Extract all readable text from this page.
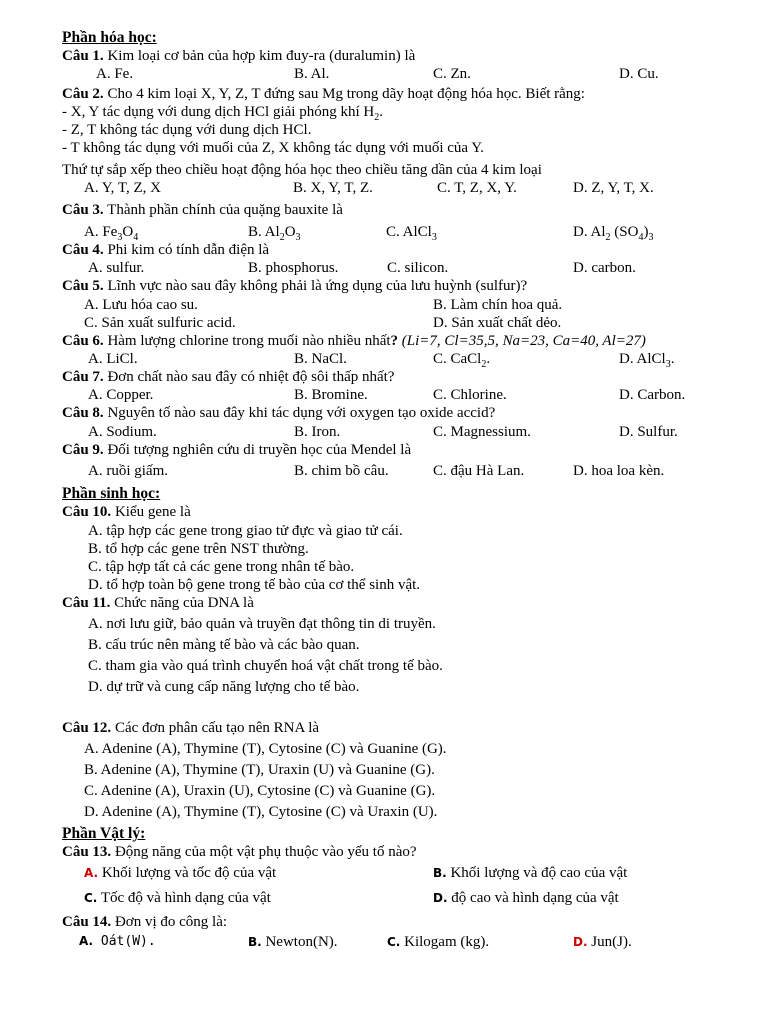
Phần hóa học:
Câu 1. Kim loại cơ bản của hợp kim đuy-ra (duralumin) là
A. Fe.	B. Al.	C. Zn.	D. Cu.
Câu 2. Cho 4 kim loại X, Y, Z, T đứng sau Mg trong dãy hoạt động hóa học. Biết rằng:
- X, Y tác dụng với dung dịch HCl giải phóng khí $H_2$.
- Z, T không tác dụng với dung dịch HCl.
- T không tác dụng với muối của Z, X không tác dụng với muối của Y.
Thứ tự sắp xếp theo chiều hoạt động hóa học theo chiều tăng dần của 4 kim loại
A. Y, T, Z, X	B. X, Y, T, Z.	C. T, Z, X, Y.	D. Z, Y, T, X.
Câu 3. Thành phần chính của quặng bauxite là
A. $Fe_3O_4$	B. $Al_2O_3$	C. AlCl$_3$	D. $Al_2$ $(SO_4)_3$
Câu 4. Phi kim có tính dẫn điện là
A. sulfur.	B. phosphorus.	C. silicon.	D. carbon.
Câu 5. Lĩnh vực nào sau đây không phải là ứng dụng của lưu huỳnh (sulfur)?
A. Lưu hóa cao su.	B. Làm chín hoa quả.
C. Sản xuất sulfuric acid.	D. Sản xuất chất dẻo.
Câu 6. Hàm lượng chlorine trong muối nào nhiều nhất? (Li=7, Cl=35,5, Na=23, Ca=40, Al=27)
A. LiCl.	B. NaCl.	C. CaCl$_2$.	D. AlCl$_3$.
Câu 7. Đơn chất nào sau đây có nhiệt độ sôi thấp nhất?
A. Copper.	B. Bromine.	C. Chlorine.	D. Carbon.
Câu 8. Nguyên tố nào sau đây khi tác dụng với oxygen tạo oxide accid?
A. Sodium.	B. Iron.	C. Magnessium.	D. Sulfur.
Câu 9. Đối tượng nghiên cứu di truyền học của Mendel là
A. ruồi giấm.	B. chim bồ câu.	C. đậu Hà Lan.	D. hoa loa kèn.
Phần sinh học:
Câu 10. Kiểu gene là
A. tập hợp các gene trong giao tử đực và giao tử cái.
B. tổ hợp các gene trên NST thường.
C. tập hợp tất cả các gene trong nhân tế bào.
D. tổ hợp toàn bộ gene trong tế bào của cơ thể sinh vật.
Câu 11. Chức năng của DNA là
A. nơi lưu giữ, bảo quản và truyền đạt thông tin di truyền.
B. cấu trúc nên màng tế bào và các bào quan.
C. tham gia vào quá trình chuyển hoá vật chất trong tế bào.
D. dự trữ và cung cấp năng lượng cho tế bào.
Câu 12. Các đơn phân cấu tạo nên RNA là
A. Adenine (A), Thymine (T), Cytosine (C) và Guanine (G).
B. Adenine (A), Thymine (T), Uraxin (U) và Guanine (G).
C. Adenine (A), Uraxin (U), Cytosine (C) và Guanine (G).
D. Adenine (A), Thymine (T), Cytosine (C) và Uraxin (U).
Phần Vật lý:
Câu 13. Động năng của một vật phụ thuộc vào yếu tố nào?
A. Khối lượng và tốc độ của vật	B. Khối lượng và độ cao của vật
C. Tốc độ và hình dạng của vật	D. độ cao và hình dạng của vật
Câu 14. Đơn vị đo công là:
A. Oát(W).	B. Newton(N).	C. Kilogam (kg).	D. Jun(J).
